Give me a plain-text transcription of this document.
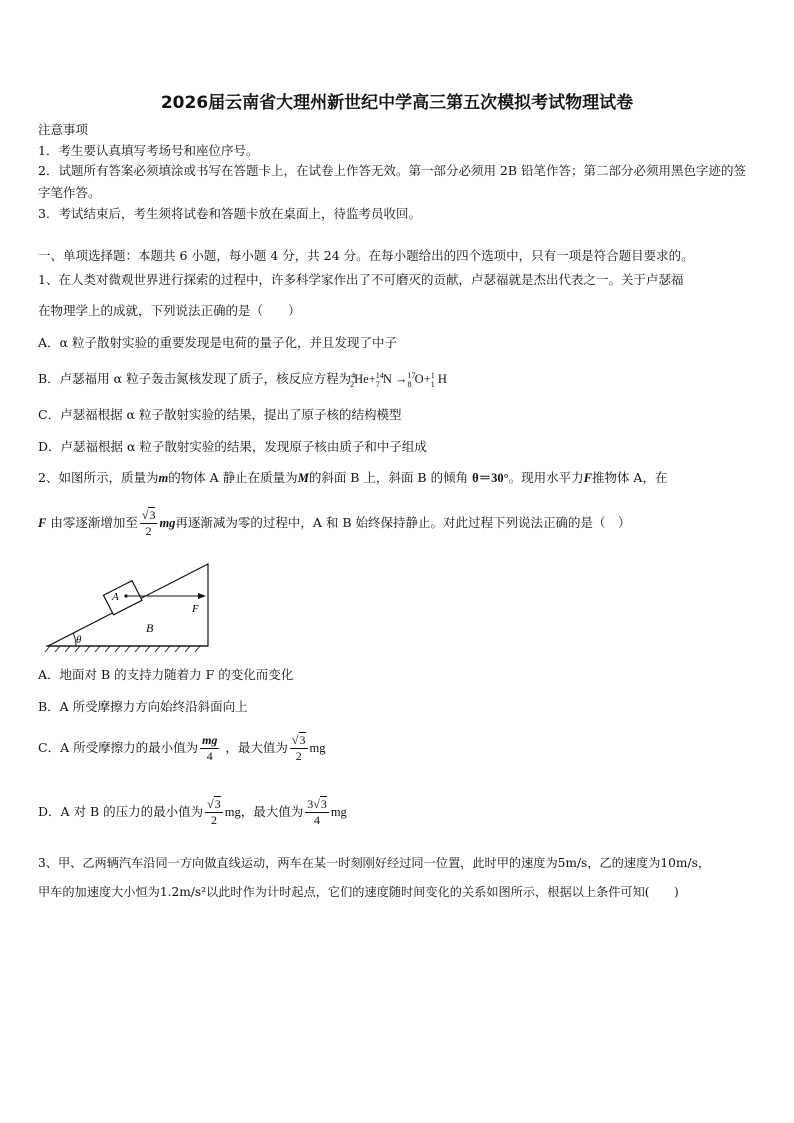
2026届云南省大理州新世纪中学高三第五次模拟考试物理试卷
注意事项
1．考生要认真填写考场号和座位序号。
2．试题所有答案必须填涂或书写在答题卡上，在试卷上作答无效。第一部分必须用 2B 铅笔作答；第二部分必须用黑色字迹的签字笔作答。
3．考试结束后，考生须将试卷和答题卡放在桌面上，待监考员收回。
一、单项选择题：本题共 6 小题，每小题 4 分，共 24 分。在每小题给出的四个选项中，只有一项是符合题目要求的。
1、在人类对微观世界进行探索的过程中，许多科学家作出了不可磨灭的贡献，卢瑟福就是杰出代表之一。关于卢瑟福
在物理学上的成就，下列说法正确的是（　　）
A．α 粒子散射实验的重要发现是电荷的量子化，并且发现了中子
B．卢瑟福用 α 粒子轰击氮核发现了质子，核反应方程为$^4_2$He+$^{14}_7$ N →$^{17}_8$ O+$^1_1$ H
C．卢瑟福根据 α 粒子散射实验的结果，提出了原子核的结构模型
D．卢瑟福根据 α 粒子散射实验的结果，发现原子核由质子和中子组成
2、如图所示，质量为m的物体 A 静止在质量为M的斜面 B 上，斜面 B 的倾角 θ＝30°。现用水平力F推物体 A，在
F 由零逐渐增加至 $\frac{√3}{2}$ mg再逐渐减为零的过程中，A 和 B 始终保持静止。对此过程下列说法正确的是（　）
θ
A
F
B
A．地面对 B 的支持力随着力 F 的变化而变化
B．A 所受摩擦力方向始终沿斜面向上
C．A 所受摩擦力的最小值为 $\frac{mg}{4}$ ，最大值为 $\frac{√3}{2}$ mg
D．A 对 B 的压力的最小值为 $\frac{√3}{2}$ mg，最大值为 $\frac{3√3}{4}$ mg
3、甲、乙两辆汽车沿同一方向做直线运动，两车在某一时刻刚好经过同一位置，此时甲的速度为5m/s，乙的速度为10m/s，
甲车的加速度大小恒为1.2m/s²以此时作为计时起点，它们的速度随时间变化的关系如图所示，根据以上条件可知(　　)
